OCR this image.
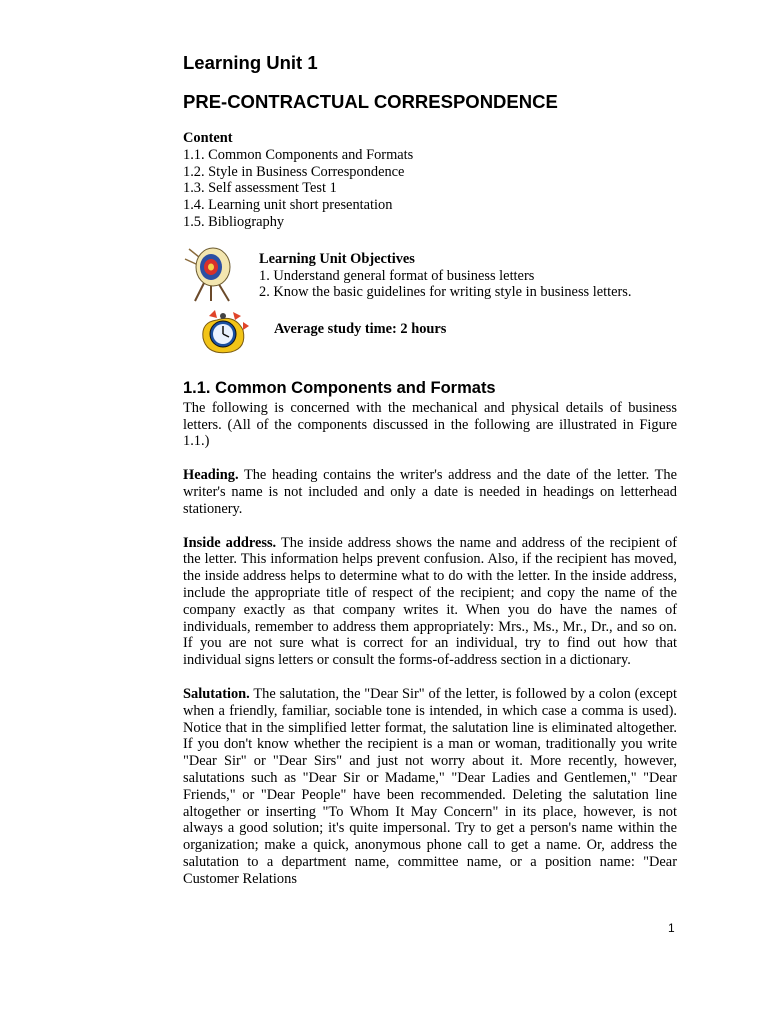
Learning Unit 1
PRE-CONTRACTUAL CORRESPONDENCE
Content
1.1. Common Components and Formats
1.2. Style in Business Correspondence
1.3. Self assessment Test 1
1.4. Learning unit short presentation
1.5. Bibliography
Learning Unit Objectives
1. Understand general format of business letters
2. Know the basic guidelines for writing style in business letters.
Average study time: 2 hours
1.1. Common Components and Formats

The following is concerned with the mechanical and physical details of business letters. (All of the components discussed in the following are illustrated in Figure 1.1.)

Heading. The heading contains the writer's address and the date of the letter. The writer's name is not included and only a date is needed in headings on letterhead stationery.

Inside address. The inside address shows the name and address of the recipient of the letter. This information helps prevent confusion. Also, if the recipient has moved, the inside address helps to determine what to do with the letter. In the inside address, include the appropriate title of respect of the recipient; and copy the name of the company exactly as that company writes it. When you do have the names of individuals, remember to address them appropriately: Mrs., Ms., Mr., Dr., and so on. If you are not sure what is correct for an individual, try to find out how that individual signs letters or consult the forms-of-address section in a dictionary.

Salutation. The salutation, the "Dear Sir" of the letter, is followed by a colon (except when a friendly, familiar, sociable tone is intended, in which case a comma is used). Notice that in the simplified letter format, the salutation line is eliminated altogether. If you don't know whether the recipient is a man or woman, traditionally you write "Dear Sir" or "Dear Sirs" and just not worry about it. More recently, however, salutations such as "Dear Sir or Madame," "Dear Ladies and Gentlemen," "Dear Friends," or "Dear People" have been recommended. Deleting the salutation line altogether or inserting "To Whom It May Concern" in its place, however, is not always a good solution; it's quite impersonal. Try to get a person's name within the organization; make a quick, anonymous phone call to get a name. Or, address the salutation to a department name, committee name, or a position name: "Dear Customer Relations

1
